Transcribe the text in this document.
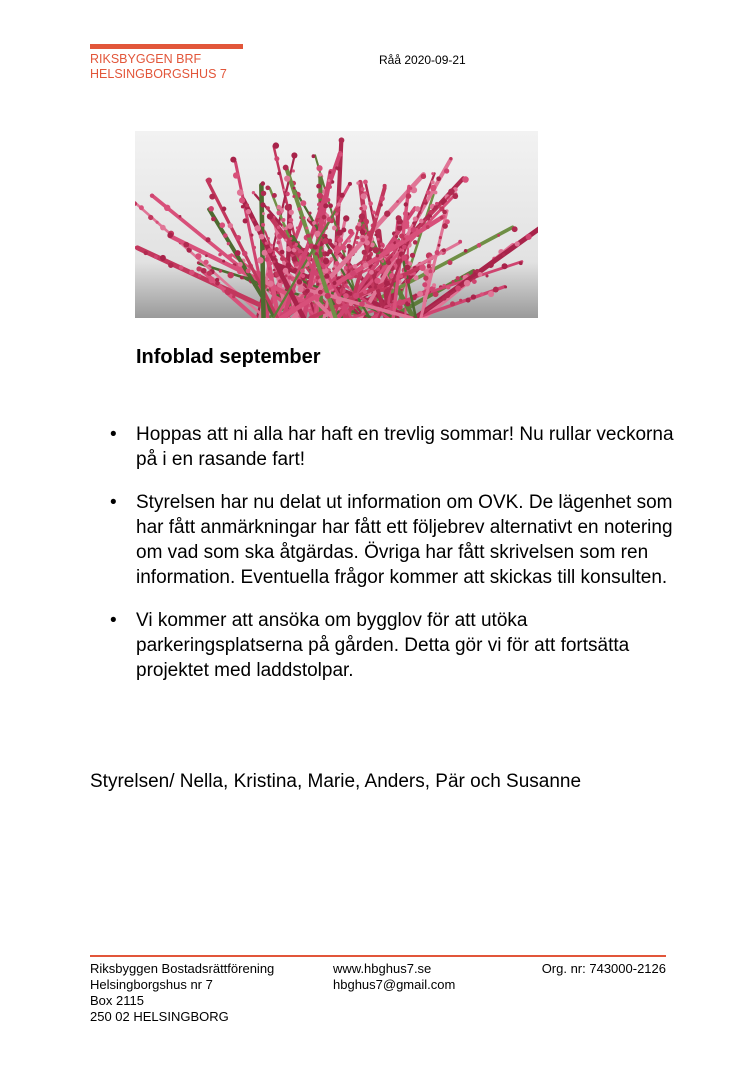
RIKSBYGGEN BRF
HELSINGBORGSHUS 7
Råå 2020-09-21
Infoblad september
• Hoppas att ni alla har haft en trevlig sommar! Nu rullar veckorna på i en rasande fart!
• Styrelsen har nu delat ut information om OVK. De lägenhet som har fått anmärkningar har fått ett följebrev alternativt en notering om vad som ska åtgärdas. Övriga har fått skrivelsen som ren information. Eventuella frågor kommer att skickas till konsulten.
• Vi kommer att ansöka om bygglov för att utöka parkeringsplatserna på gården. Detta gör vi för att fortsätta projektet med laddstolpar.
Styrelsen/ Nella, Kristina, Marie, Anders, Pär och Susanne
Riksbyggen Bostadsrättförening
Helsingborgshus nr 7
Box 2115
250 02 HELSINGBORG
www.hbghus7.se
hbghus7@gmail.com
Org. nr: 743000-2126
